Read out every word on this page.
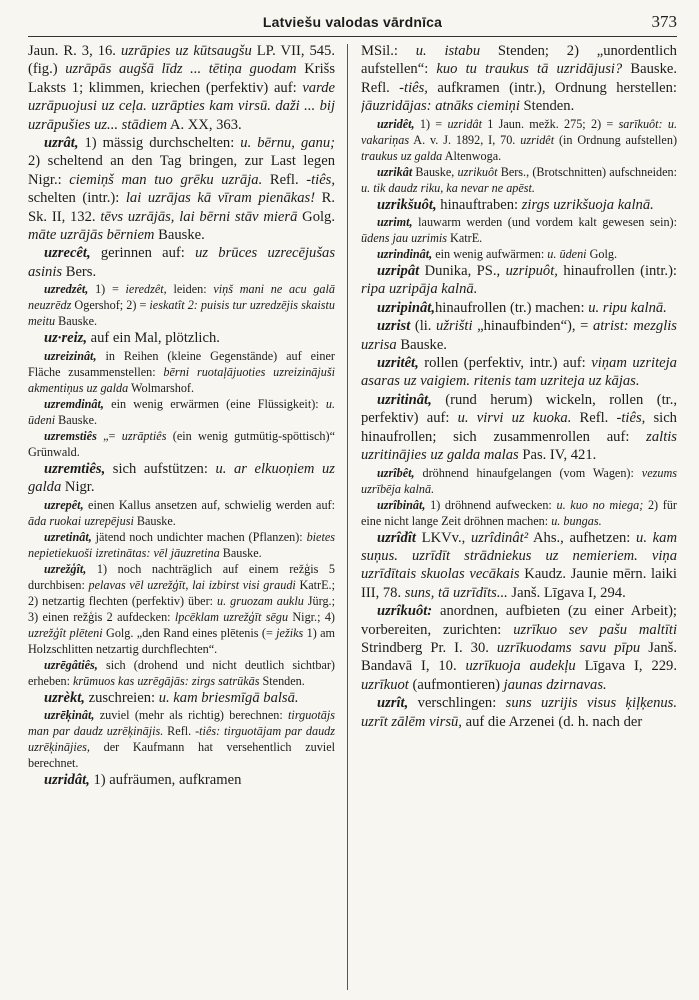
Latviešu valodas vārdnīca	373

Jaun. R. 3, 16. uzrāpies uz kūtsaugšu LP. VII, 545. (fig.) uzrāpās augšā līdz ... tētiņa guodam Krišs Laksts 1; klimmen, kriechen (perfektiv) auf: varde uzrāpuojusi uz ceļa. uzrāpties kam virsū. daži ... bij uzrāpušies uz... stādiem A. XX, 363.

uzrât, 1) mässig durchschelten: u. bērnu, ganu; 2) scheltend an den Tag bringen, zur Last legen Nigr.: ciemiņš man tuo grēku uzrāja. Refl. -tiês, schelten (intr.): lai uzrājas kā vīram pienākas! R. Sk. II, 132. tēvs uzrājās, lai bērni stāv mierā Golg. māte uzrājās bērniem Bauske.

uzrecêt, gerinnen auf: uz brūces uzrecējušas asinis Bers.

uzredzêt, 1) = ieredzêt, leiden: viņš mani ne acu galā neuzrēdz Ogershof; 2) = ieskatît 2: puisis tur uzredzējis skaistu meitu Bauske.

uz·reiz, auf ein Mal, plötzlich.

uzreizinât, in Reihen (kleine Gegenstände) auf einer Fläche zusammenstellen: bērni ruotaļājuoties uzreizinājuši akmentiņus uz galda Wolmarshof.

uzremdinât, ein wenig erwärmen (eine Flüssigkeit): u. ūdeni Bauske.

uzremstiês „= uzrāptiês (ein wenig gutmütig-spöttisch)“ Grünwald.

uzremtiês, sich aufstützen: u. ar elkuoņiem uz galda Nigr.

uzrepêt, einen Kallus ansetzen auf, schwielig werden auf: āda ruokai uzrepējusi Bauske.

uzretinât, jätend noch undichter machen (Pflanzen): bietes nepietiekuoši izretinātas: vēl jāuzretina Bauske.

uzrežģît, 1) noch nachträglich auf einem režģis 5 durchbisen: pelavas vēl uzrežģīt, lai izbirst visi graudi KatrE.; 2) netzartig flechten (perfektiv) über: u. gruozam auklu Jürg.; 3) einen režģis 2 aufdecken: lpcēklam uzrežģīt sēgu Nigr.; 4) uzrežģît plēteni Golg. „den Rand eines plētenis (= ježiks 1) am Holzschlitten netzartig durchflechten“.

uzrēgâtiês, sich (drohend und nicht deutlich sichtbar) erheben: krūmuos kas uzrēgājās: zirgs satrūkās Stenden.

uzrèkt, zuschreien: u. kam briesmīgā balsā.

uzrēķinât, zuviel (mehr als richtig) berechnen: tirguotājs man par daudz uzrēķinājis. Refl. -tiês: tirguotājam par daudz uzrēķinājies, der Kaufmann hat versehentlich zuviel berechnet.

uzridât, 1) aufräumen, aufkramen

MSil.: u. istabu Stenden; 2) „unordentlich aufstellen“: kuo tu traukus tā uzridājusi? Bauske. Refl. -tiês, aufkramen (intr.), Ordnung herstellen: jāuzridājas: atnāks ciemiņi Stenden.

uzridêt, 1) = uzridât 1 Jaun. mežk. 275; 2) = sarīkuôt: u. vakariņas A. v. J. 1892, I, 70. uzridêt (in Ordnung aufstellen) traukus uz galda Altenwoga.

uzrikât Bauske, uzrikuôt Bers., (Brotschnitten) aufschneiden: u. tik daudz riku, ka nevar ne apēst.

uzrikšuôt, hinauftraben: zirgs uzrikšuoja kalnā.

uzrimt, lauwarm werden (und vordem kalt gewesen sein): ūdens jau uzrimis KatrE.

uzrindinât, ein wenig aufwärmen: u. ūdeni Golg.

uzripât Dunika, PS., uzripuôt, hinaufrollen (intr.): ripa uzripāja kalnā.

uzripinât,hinaufrollen (tr.) machen: u. ripu kalnā.

uzrist (li. užrišti „hinaufbinden“), = atrist: mezglis uzrisa Bauske.

uzritêt, rollen (perfektiv, intr.) auf: viņam uzriteja asaras uz vaigiem. ritenis tam uzriteja uz kājas.

uzritinât, (rund herum) wickeln, rollen (tr., perfektiv) auf: u. virvi uz kuoka. Refl. -tiês, sich hinaufrollen; sich zusammenrollen auf: zaltis uzritinājies uz galda malas Pas. IV, 421.

uzrîbêt, dröhnend hinaufgelangen (vom Wagen): vezums uzrībēja kalnā.

uzrîbinât, 1) dröhnend aufwecken: u. kuo no miega; 2) für eine nicht lange Zeit dröhnen machen: u. bungas.

uzrîdît LKVv., uzrîdinât² Ahs., aufhetzen: u. kam suņus. uzrīdīt strādniekus uz nemieriem. viņa uzrīdītais skuolas vecākais Kaudz. Jaunie mērn. laiki III, 78. suns, tā uzrīdīts... Janš. Līgava I, 294.

uzrîkuôt: anordnen, aufbieten (zu einer Arbeit); vorbereiten, zurichten: uzrīkuo sev pašu maltīti Strindberg Pr. I. 30. uzrīkuodams savu pīpu Janš. Bandavā I, 10. uzrīkuoja audekļu Līgava I, 229. uzrīkuot (aufmontieren) jaunas dzirnavas.

uzrît, verschlingen: suns uzrijis visus ķiļķenus. uzrīt zālēm virsū, auf die Arzenei (d. h. nach der
